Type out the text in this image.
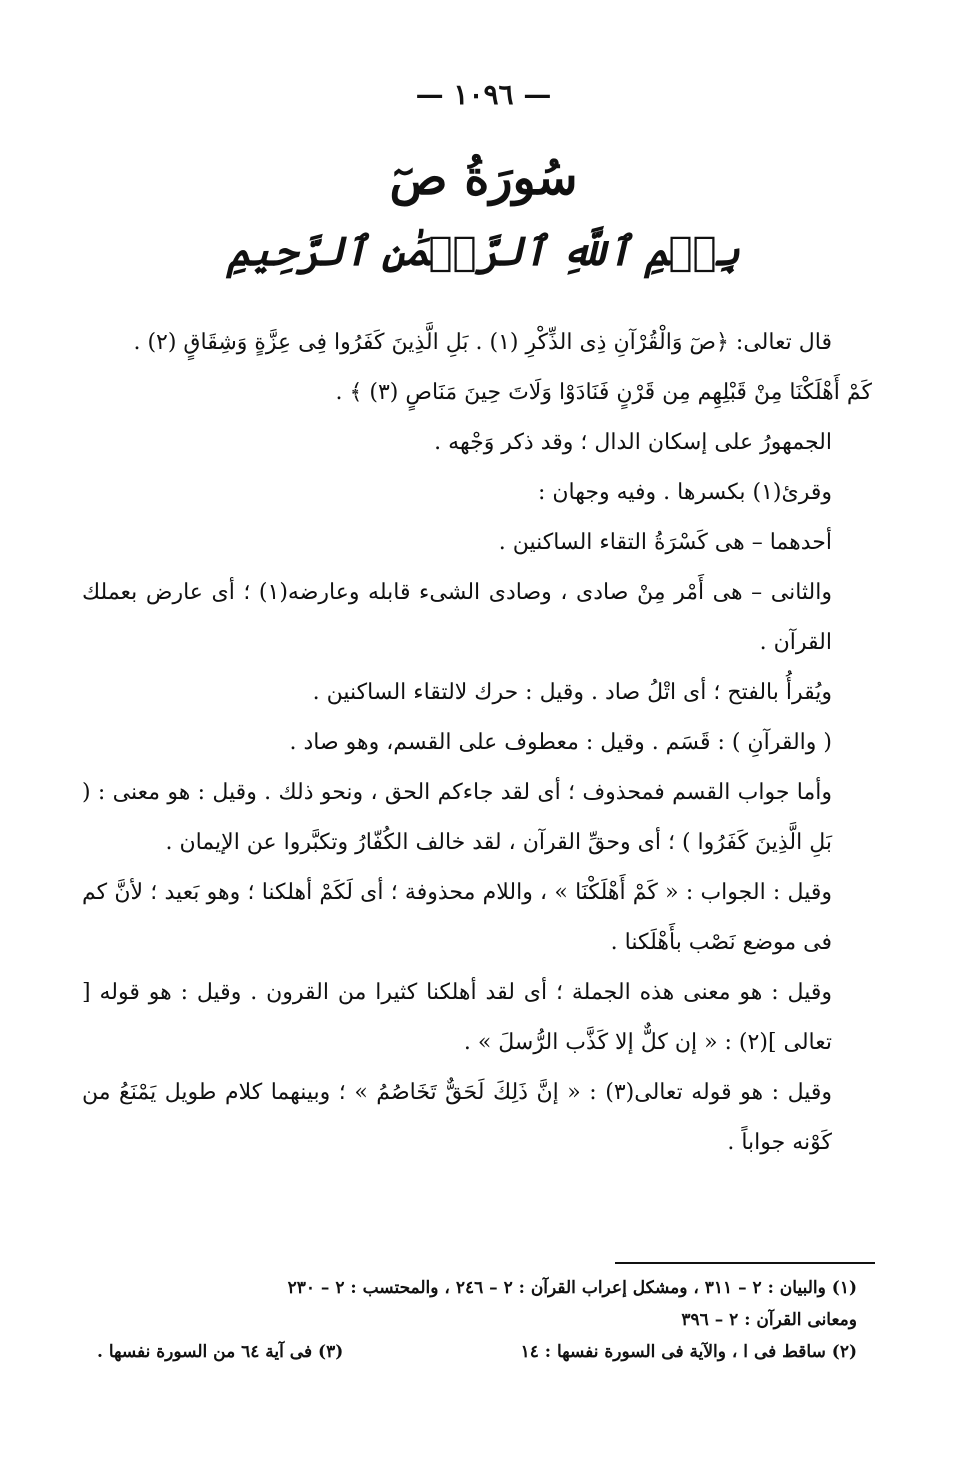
— ١٠٩٦ —
سُورَةُ صٓ
بِسۡمِ ٱللَّهِ ٱلرَّحۡمَٰنِ ٱلرَّحِيمِ

قال تعالى: ﴿صٓ وَالْقُرْآنِ ذِى الذِّكْرِ (١) . بَلِ الَّذِينَ كَفَرُوا فِى عِزَّةٍ وَشِقَاقٍ (٢) .

كَمْ أَهْلَكْنَا مِنْ قَبْلِهِم مِن قَرْنٍ فَنَادَوْا وَلَاتَ حِينَ مَنَاصٍ (٣) ﴾ .

الجمهورُ على إسكان الدال ؛ وقد ذكر وَجْهه .

وقرئ(١) بكسرها . وفيه وجهان :

أحدهما – هى كَسْرَةُ التقاء الساكنين .

والثانى – هى أَمْر مِنْ صادى ، وصادى الشىء قابله وعارضه(١) ؛ أى عارض بعملك القرآن .

ويُقرأُ بالفتح ؛ أى اتْلُ صاد . وقيل : حرك لالتقاء الساكنين .

( والقرآنِ ) : قَسَم . وقيل : معطوف على القسم، وهو صاد .

وأما جواب القسم فمحذوف ؛ أى لقد جاءكم الحق ، ونحو ذلك . وقيل : هو معنى : ( بَلِ الَّذِينَ كَفَرُوا ) ؛ أى وحقِّ القرآن ، لقد خالف الكُفّارُ وتكبَّروا عن الإيمان .

وقيل : الجواب : « كَمْ أَهْلَكْنَا » ، واللام محذوفة ؛ أى لَكَمْ أهلكنا ؛ وهو بَعيد ؛ لأنَّ كم فى موضع نَصْب بأَهْلَكنا .

وقيل : هو معنى هذه الجملة ؛ أى لقد أهلكنا كثيرا من القرون . وقيل : هو قوله [ تعالى ](٢) : « إن كلٌّ إلا كَذَّب الرُّسلَ » .

وقيل : هو قوله تعالى(٣) : « إنَّ ذَلِكَ لَحَقٌّ تَخَاصُمُ » ؛ وبينهما كلام طويل يَمْنَعُ من كَوْنه جواباً .

(١) والبيان : ٢ – ٣١١ ، ومشكل إعراب القرآن : ٢ – ٢٤٦ ، والمحتسب : ٢ – ٢٣٠

ومعانى القرآن : ٢ – ٣٩٦

(٢) ساقط فى ا ، والآية فى السورة نفسها : ١٤
(٣) فى آية ٦٤ من السورة نفسها .
